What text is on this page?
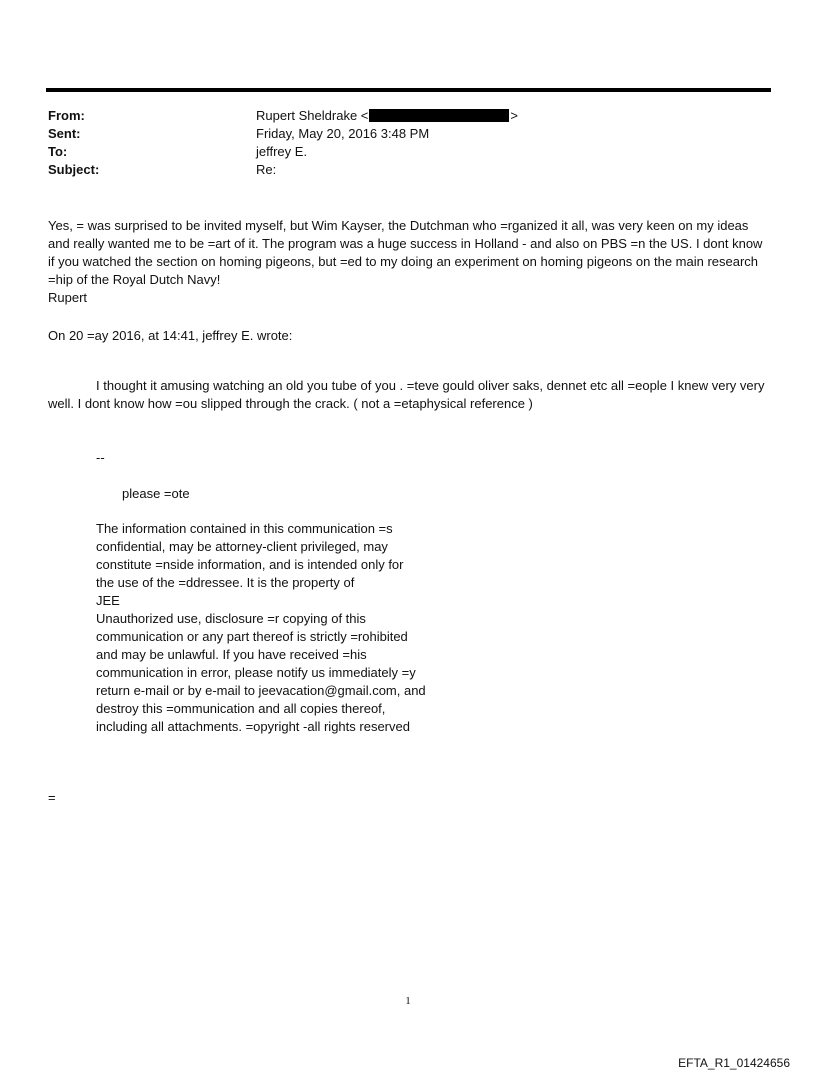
From:	Rupert Sheldrake <	>
Sent:	Friday, May 20, 2016 3:48 PM
To:	jeffrey E.
Subject:	Re:
Yes, = was surprised to be invited myself, but Wim Kayser, the Dutchman who =rganized it all, was very keen on my ideas and really wanted me to be =art of it. The program was a huge success in Holland - and also on PBS =n the US. I dont know if you watched the section on homing pigeons, but =ed to my doing an experiment on homing pigeons on the main research =hip of the Royal Dutch Navy!
Rupert
On 20 =ay 2016, at 14:41, jeffrey E. wrote:
I thought it amusing watching an old you tube of you . =teve gould oliver saks, dennet etc all =eople I knew very very well. I dont know how =ou slipped through the crack. ( not a =etaphysical reference )
--
please =ote
The information contained in this communication =s
confidential, may be attorney-client privileged, may
constitute =nside information, and is intended only for
the use of the =ddressee. It is the property of
JEE
Unauthorized use, disclosure =r copying of this
communication or any part thereof is strictly =rohibited
and may be unlawful. If you have received =his
communication in error, please notify us immediately =y
return e-mail or by e-mail to jeevacation@gmail.com, and
destroy this =ommunication and all copies thereof,
including all attachments. =opyright -all rights reserved
=
1
EFTA_R1_01424656
